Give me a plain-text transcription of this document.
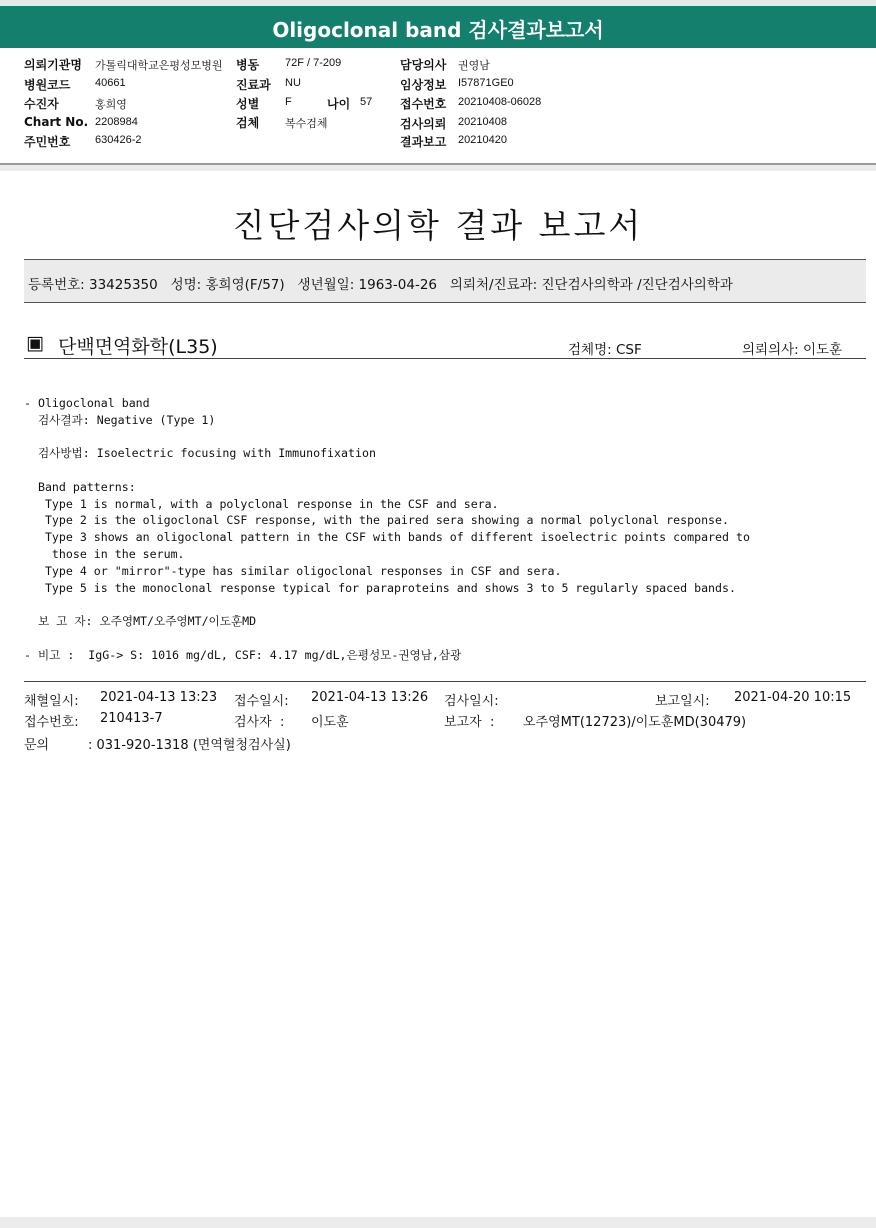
Oligoclonal band 검사결과보고서
의뢰기관명 가톨릭대학교은평성모병원 병동 72F / 7-209	담당의사 권영남
병원코드 40661	진료과 NU	임상정보 I57871GE0
수진자	홍희영	성별 F	나이 57 접수번호 20210408-06028
Chart No. 2208984	검체 복수검체	검사의뢰 20210408
주민번호 630426-2	결과보고 20210420
진단검사의학 결과 보고서
등록번호: 33425350   성명: 홍희영(F/57)   생년월일: 1963-04-26   의뢰처/진료과: 진단검사의학과 /진단검사의학과
▣ 단백면역화학(L35)	검체명: CSF	의뢰의사: 이도훈

- Oligoclonal band
검사결과: Negative (Type 1)
검사방법: Isoelectric focusing with Immunofixation
Band patterns:
Type 1 is normal, with a polyclonal response in the CSF and sera.
Type 2 is the oligoclonal CSF response, with the paired sera showing a normal polyclonal response.
Type 3 shows an oligoclonal pattern in the CSF with bands of different isoelectric points compared to
those in the serum.
Type 4 or "mirror"-type has similar oligoclonal responses in CSF and sera.
Type 5 is the monoclonal response typical for paraproteins and shows 3 to 5 regularly spaced bands.
보 고 자: 오주영MT/오주영MT/이도훈MD
- 비고 :  IgG-> S: 1016 mg/dL, CSF: 4.17 mg/dL,은평성모-권영남,삼광

채혈일시: 2021-04-13 13:23 접수일시: 2021-04-13 13:26 검사일시:	보고일시: 2021-04-20 10:15
접수번호: 210413-7	검사자  : 이도훈	보고자  : 오주영MT(12723)/이도훈MD(30479)
문의	: 031-920-1318 (면역혈청검사실)
